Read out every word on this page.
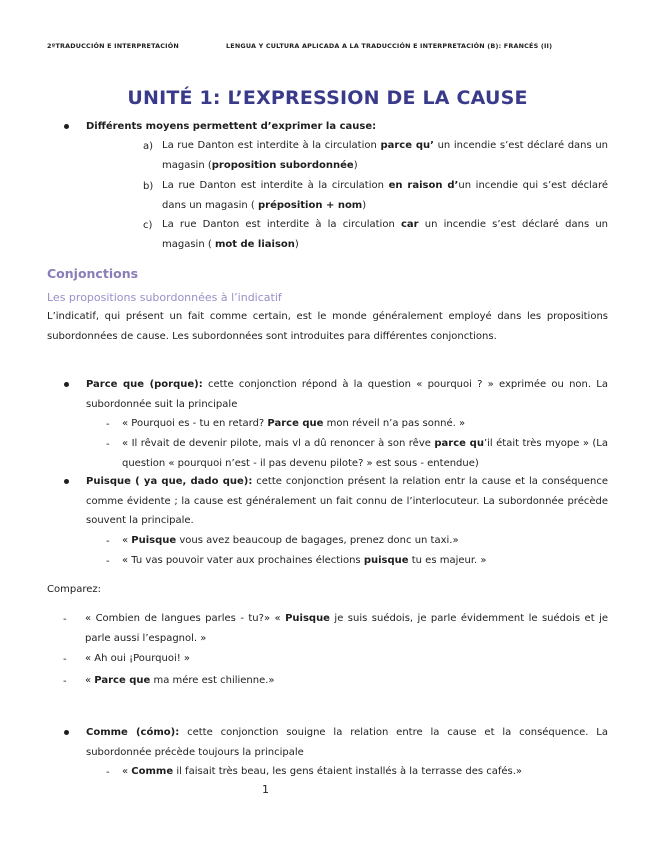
2ºTRADUCCIÓN E INTERPRETACIÓN	LENGUA Y CULTURA APLICADA A LA TRADUCCIÓN E INTERPRETACIÓN (B): FRANCÉS (II)
UNITÉ 1: L’EXPRESSION DE LA CAUSE
Différents moyens permettent d’exprimer la cause:
a) La rue Danton est interdite à la circulation parce qu’ un incendie s’est déclaré dans un magasin (proposition subordonnée)
b) La rue Danton est interdite à la circulation en raison d’un incendie qui s’est déclaré dans un magasin ( préposition + nom)
c) La rue Danton est interdite à la circulation car un incendie s’est déclaré dans un magasin ( mot de liaison)
Conjonctions
Les propositions subordonnées à l’indicatif
L’indicatif, qui présent un fait comme certain, est le monde généralement employé dans les propositions subordonnées de cause. Les subordonnées sont introduites para différentes conjonctions.
Parce que (porque): cette conjonction répond à la question « pourquoi ? » exprimée ou non. La subordonnée suit la principale
- « Pourquoi es - tu en retard? Parce que mon réveil n’a pas sonné. »
- « Il rêvait de devenir pilote, mais vl a dû renoncer à son rêve parce qu’il était très myope » (La question « pourquoi n’est - il pas devenu pilote? » est sous - entendue)
Puisque ( ya que, dado que): cette conjonction présent la relation entr la cause et la conséquence comme évidente ; la cause est généralement un fait connu de l’interlocuteur. La subordonnée précède souvent la principale.
- « Puisque vous avez beaucoup de bagages, prenez donc un taxi.»
- « Tu vas pouvoir vater aux prochaines élections puisque tu es majeur. »
Comparez:
- « Combien de langues parles - tu?» « Puisque je suis suédois, je parle évidemment le suédois et je parle aussi l’espagnol. »
- « Ah oui ¡Pourquoi! »
- « Parce que ma mére est chilienne.»
Comme (cómo): cette conjonction souigne la relation entre la cause et la conséquence. La subordonnée précède toujours la principale
- « Comme il faisait très beau, les gens étaient installés à la terrasse des cafés.»
1
